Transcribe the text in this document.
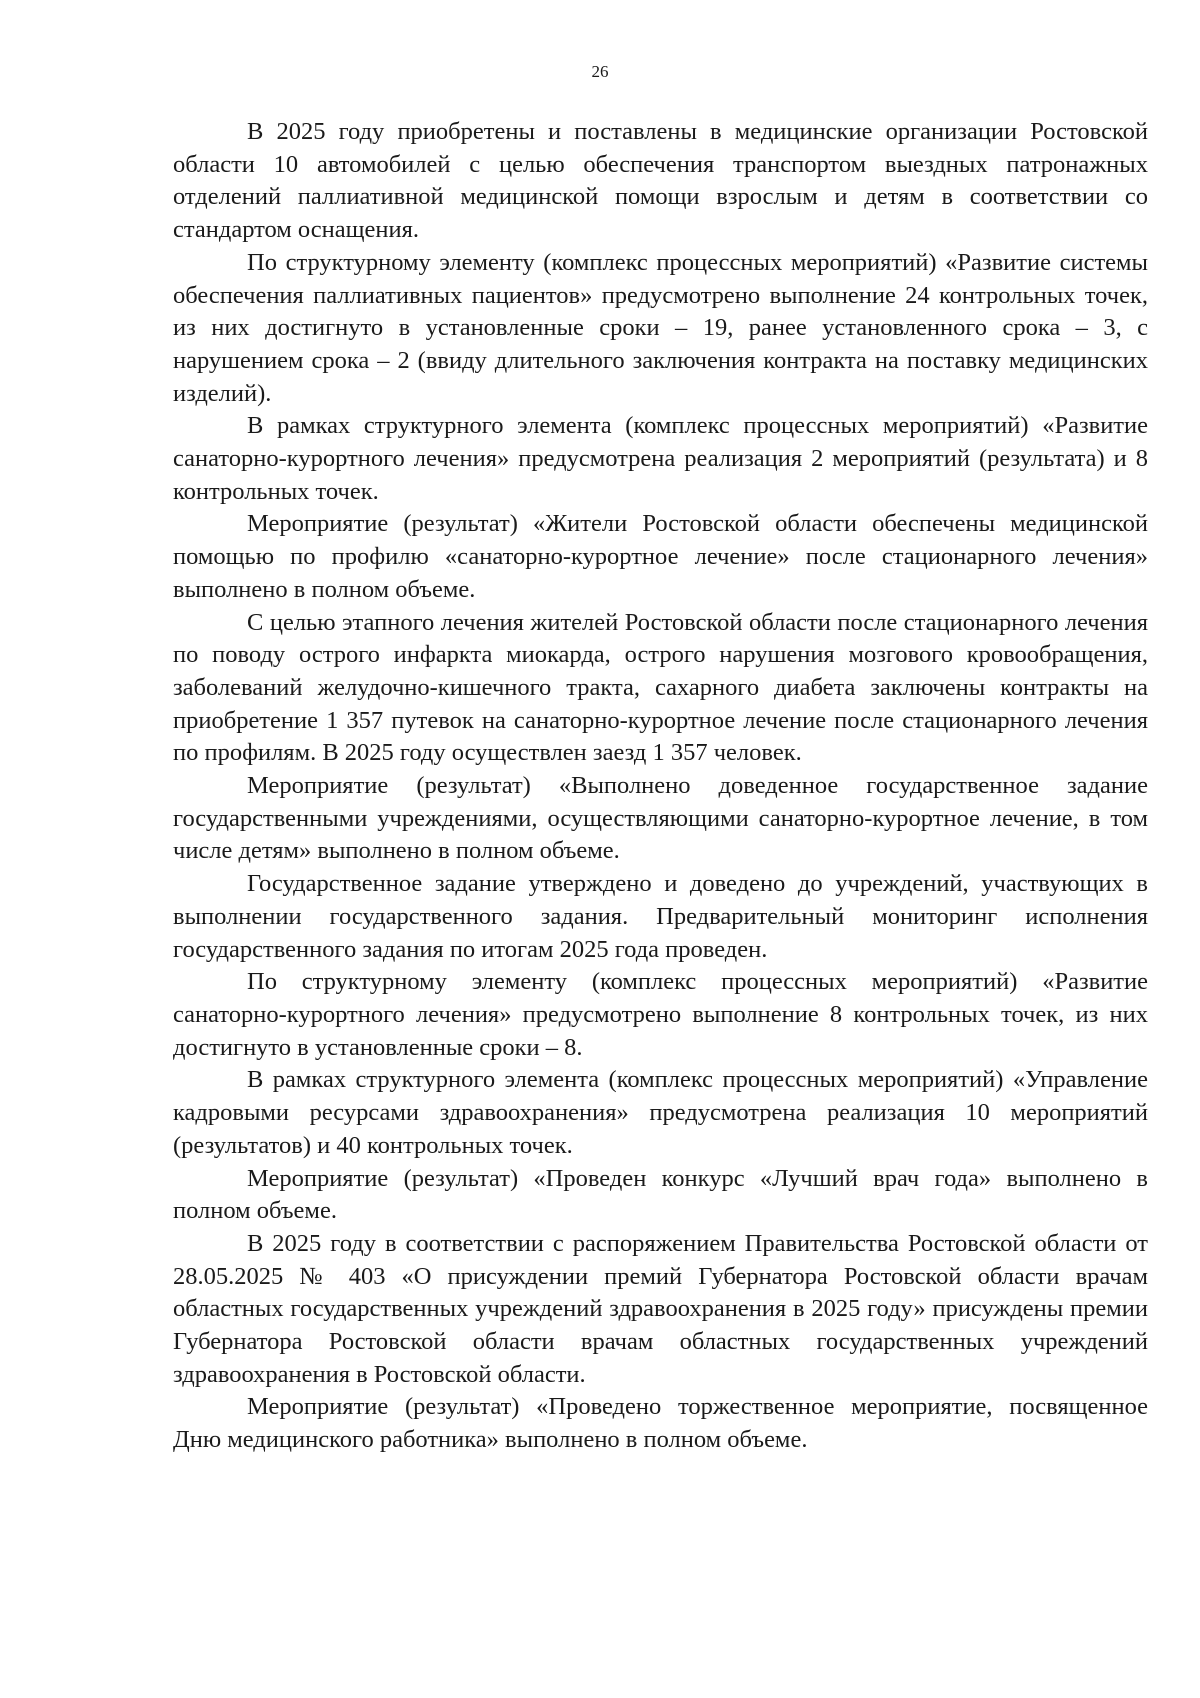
26

В 2025 году приобретены и поставлены в медицинские организации Ростовской области 10 автомобилей с целью обеспечения транспортом выездных патронажных отделений паллиативной медицинской помощи взрослым и детям в соответствии со стандартом оснащения.

По структурному элементу (комплекс процессных мероприятий) «Развитие системы обеспечения паллиативных пациентов» предусмотрено выполнение 24 контрольных точек, из них достигнуто в установленные сроки – 19, ранее установленного срока – 3, с нарушением срока – 2 (ввиду длительного заключения контракта на поставку медицинских изделий).

В рамках структурного элемента (комплекс процессных мероприятий) «Развитие санаторно-курортного лечения» предусмотрена реализация 2 мероприятий (результата) и 8 контрольных точек.

Мероприятие (результат) «Жители Ростовской области обеспечены медицинской помощью по профилю «санаторно-курортное лечение» после стационарного лечения» выполнено в полном объеме.

С целью этапного лечения жителей Ростовской области после стационарного лечения по поводу острого инфаркта миокарда, острого нарушения мозгового кровообращения, заболеваний желудочно-кишечного тракта, сахарного диабета заключены контракты на приобретение 1 357 путевок на санаторно-курортное лечение после стационарного лечения по профилям. В 2025 году осуществлен заезд 1 357 человек.

Мероприятие (результат) «Выполнено доведенное государственное задание государственными учреждениями, осуществляющими санаторно-курортное лечение, в том числе детям» выполнено в полном объеме.

Государственное задание утверждено и доведено до учреждений, участвующих в выполнении государственного задания. Предварительный мониторинг исполнения государственного задания по итогам 2025 года проведен.

По структурному элементу (комплекс процессных мероприятий) «Развитие санаторно-курортного лечения» предусмотрено выполнение 8 контрольных точек, из них достигнуто в установленные сроки – 8.

В рамках структурного элемента (комплекс процессных мероприятий) «Управление кадровыми ресурсами здравоохранения» предусмотрена реализация 10 мероприятий (результатов) и 40 контрольных точек.

Мероприятие (результат) «Проведен конкурс «Лучший врач года» выполнено в полном объеме.

В 2025 году в соответствии с распоряжением Правительства Ростовской области от 28.05.2025 № 403 «О присуждении премий Губернатора Ростовской области врачам областных государственных учреждений здравоохранения в 2025 году» присуждены премии Губернатора Ростовской области врачам областных государственных учреждений здравоохранения в Ростовской области.

Мероприятие (результат) «Проведено торжественное мероприятие, посвященное Дню медицинского работника» выполнено в полном объеме.
